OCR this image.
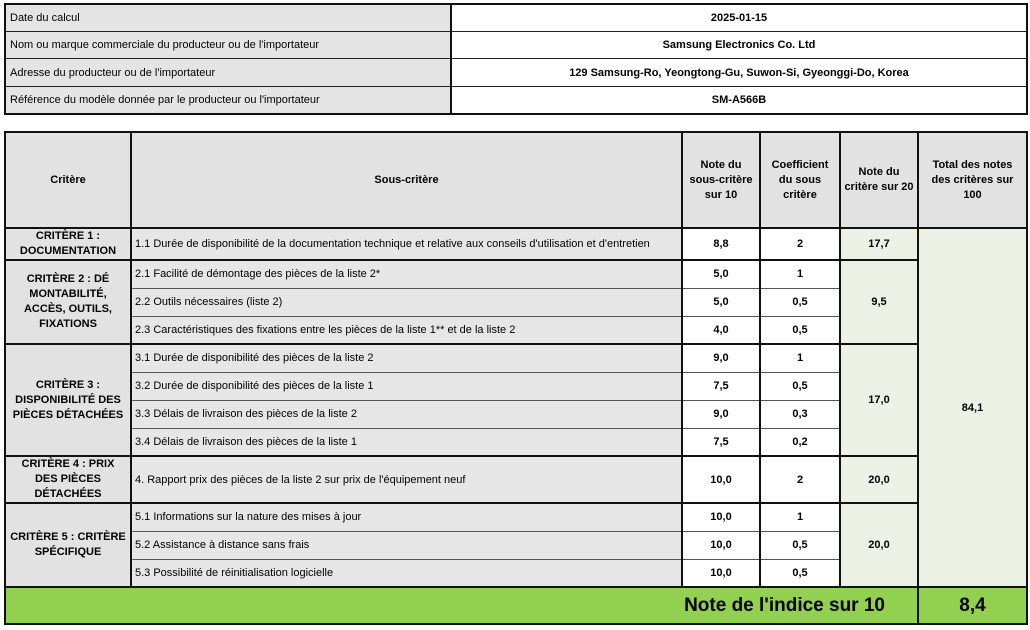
Date du calcul	2025-01-15
Nom ou marque commerciale du producteur ou de l'importateur	Samsung Electronics Co. Ltd
Adresse du producteur ou de l'importateur	129 Samsung-Ro, Yeongtong-Gu, Suwon-Si, Gyeonggi-Do, Korea
Référence du modèle donnée par le producteur ou l'importateur	SM-A566B
Critère	Sous-critère	Note du sous-critère sur 10	Coefficient du sous critère	Note du critère sur 20	Total des notes des critères sur 100
CRITÈRE 1 : DOCUMENTATION	1.1 Durée de disponibilité de la documentation technique et relative aux conseils d'utilisation et d'entretien	8,8	2	17,7	84,1
CRITÈRE 2 : DÉ MONTABILITÉ, ACCÈS, OUTILS, FIXATIONS	2.1 Facilité de démontage des pièces de la liste 2*	5,0	1	9,5	
	2.2 Outils nécessaires (liste 2)	5,0	0,5		
	2.3 Caractéristiques des fixations entre les pièces de la liste 1** et de la liste 2	4,0	0,5		
CRITÈRE 3 : DISPONIBILITÉ DES PIÈCES DÉTACHÉES	3.1 Durée de disponibilité des pièces de la liste 2	9,0	1	17,0	
	3.2 Durée de disponibilité des pièces de la liste 1	7,5	0,5		
	3.3 Délais de livraison des pièces de la liste 2	9,0	0,3		
	3.4 Délais de livraison des pièces de la liste 1	7,5	0,2		
CRITÈRE 4 : PRIX DES PIÈCES DÉTACHÉES	4. Rapport prix des pièces de la liste 2 sur prix de l'équipement neuf	10,0	2	20,0	
CRITÈRE 5 : CRITÈRE SPÉCIFIQUE	5.1 Informations sur la nature des mises à jour	10,0	1	20,0	
	5.2 Assistance à distance sans frais	10,0	0,5		
	5.3 Possibilité de réinitialisation logicielle	10,0	0,5		
Note de l'indice sur 10					8,4
